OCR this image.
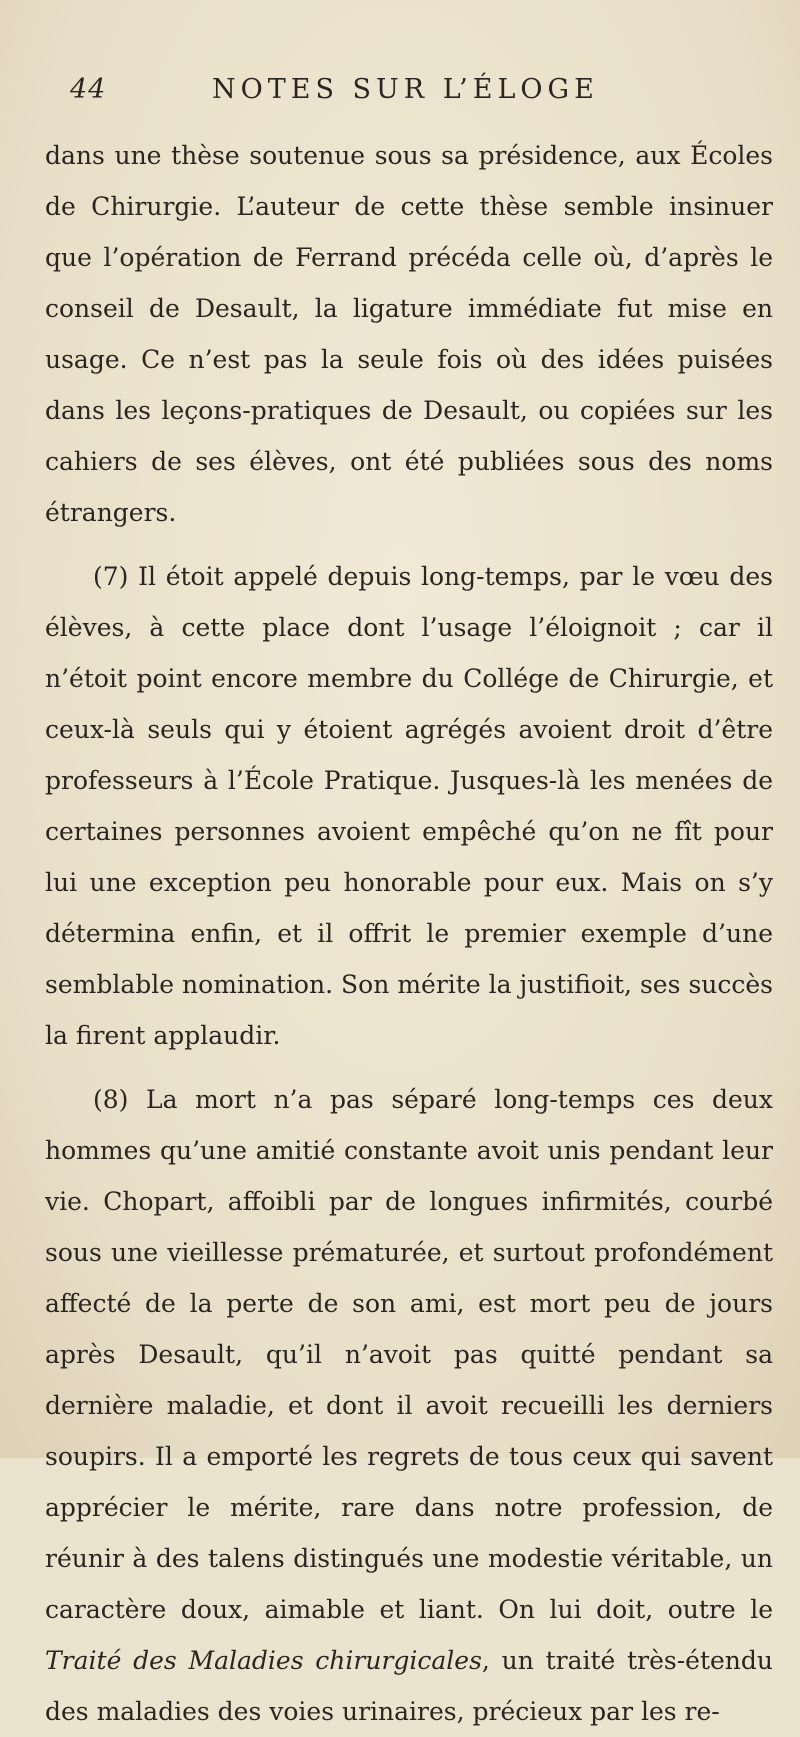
44	NOTES SUR L’ÉLOGE

dans une thèse soutenue sous sa présidence, aux Écoles de Chirurgie. L’auteur de cette thèse semble insinuer que l’opération de Ferrand précéda celle où, d’après le conseil de Desault, la ligature immédiate fut mise en usage. Ce n’est pas la seule fois où des idées puisées dans les leçons-pratiques de Desault, ou copiées sur les cahiers de ses élèves, ont été publiées sous des noms étrangers.

(7) Il étoit appelé depuis long-temps, par le vœu des élèves, à cette place dont l’usage l’éloignoit ; car il n’étoit point encore membre du Collége de Chirurgie, et ceux-là seuls qui y étoient agrégés avoient droit d’être professeurs à l’École Pratique. Jusques-là les menées de certaines personnes avoient empêché qu’on ne fît pour lui une exception peu honorable pour eux. Mais on s’y détermina enfin, et il offrit le premier exemple d’une semblable nomination. Son mérite la justifioit, ses succès la firent applaudir.

(8) La mort n’a pas séparé long-temps ces deux hommes qu’une amitié constante avoit unis pendant leur vie. Chopart, affoibli par de longues infirmités, courbé sous une vieillesse prématurée, et surtout profondément affecté de la perte de son ami, est mort peu de jours après Desault, qu’il n’avoit pas quitté pendant sa dernière maladie, et dont il avoit recueilli les derniers soupirs. Il a emporté les regrets de tous ceux qui savent apprécier le mérite, rare dans notre profession, de réunir à des talens distingués une modestie véritable, un caractère doux, aimable et liant. On lui doit, outre le Traité des Maladies chirurgicales, un traité très-étendu des maladies des voies urinaires, précieux par les re-
